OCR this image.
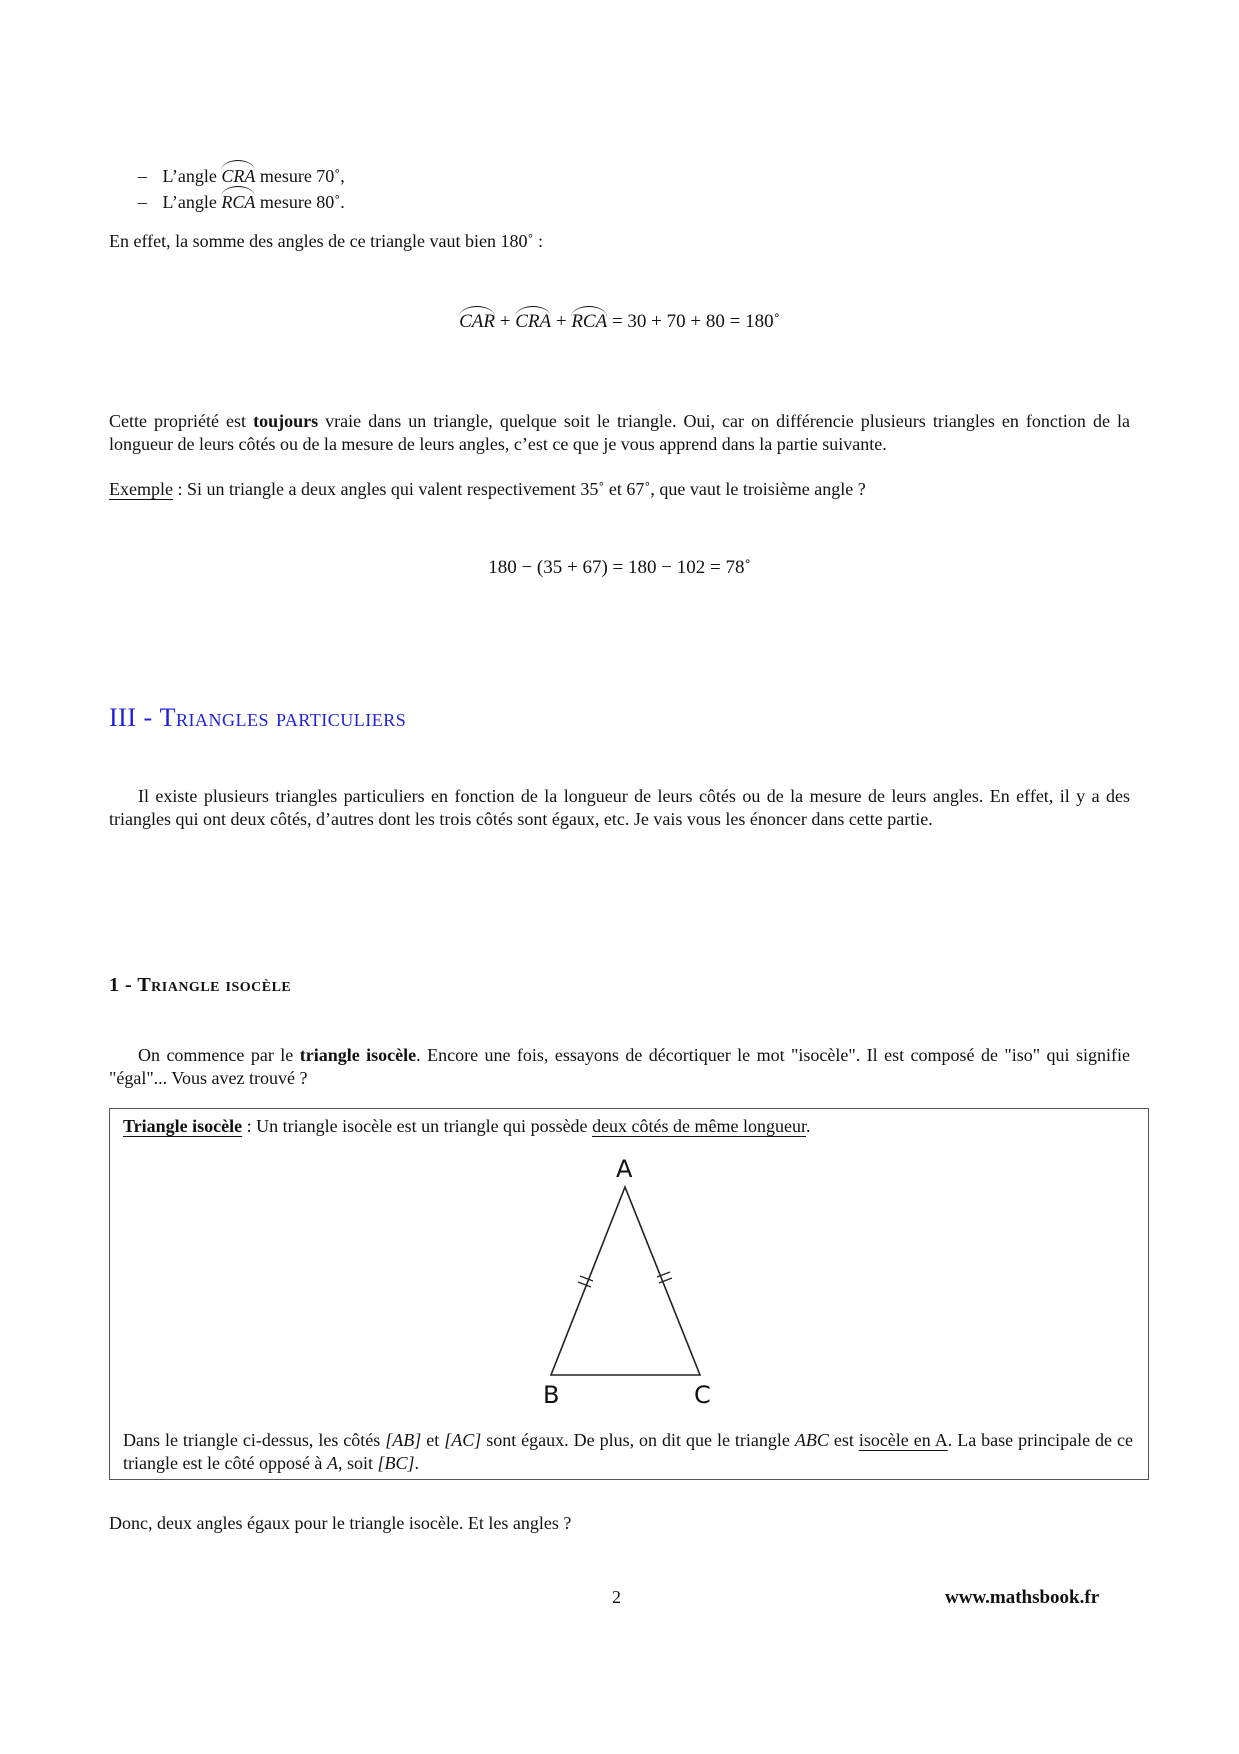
– L’angle CRA mesure 70˚,
– L’angle RCA mesure 80˚.
En effet, la somme des angles de ce triangle vaut bien 180˚ :
CAR + CRA + RCA = 30 + 70 + 80 = 180˚
Cette propriété est toujours vraie dans un triangle, quelque soit le triangle. Oui, car on différencie plusieurs triangles en fonction de la longueur de leurs côtés ou de la mesure de leurs angles, c’est ce que je vous apprend dans la partie suivante.
Exemple : Si un triangle a deux angles qui valent respectivement 35˚ et 67˚, que vaut le troisième angle ?
180 − (35 + 67) = 180 − 102 = 78˚
III - Triangles particuliers
Il existe plusieurs triangles particuliers en fonction de la longueur de leurs côtés ou de la mesure de leurs angles. En effet, il y a des triangles qui ont deux côtés, d’autres dont les trois côtés sont égaux, etc. Je vais vous les énoncer dans cette partie.
1 - Triangle isocèle
On commence par le triangle isocèle. Encore une fois, essayons de décortiquer le mot "isocèle". Il est composé de "iso" qui signifie "égal"... Vous avez trouvé ?
Triangle isocèle : Un triangle isocèle est un triangle qui possède deux côtés de même longueur.
A
B	C
Dans le triangle ci-dessus, les côtés [AB] et [AC] sont égaux. De plus, on dit que le triangle ABC est isocèle en A. La base principale de ce triangle est le côté opposé à A, soit [BC].
Donc, deux angles égaux pour le triangle isocèle. Et les angles ?
2	www.mathsbook.fr
